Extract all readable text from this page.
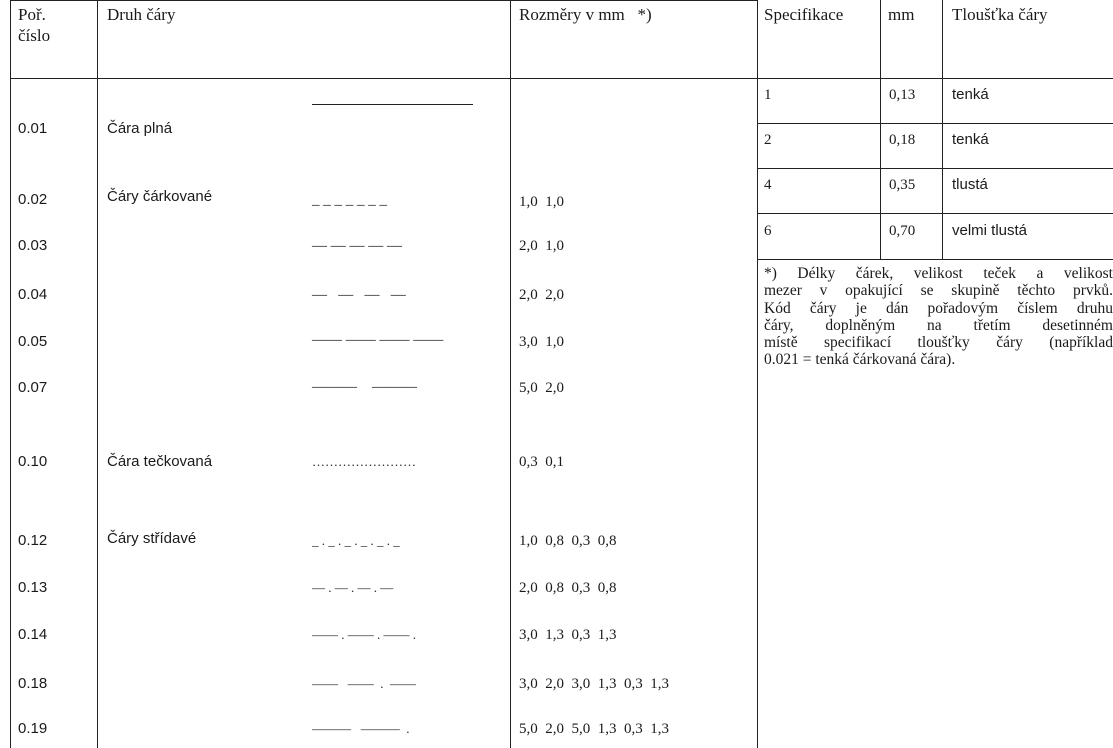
Poř.
číslo
Druh čáry	Rozměry v mm   *)
0.01	Čára plná
0.02	Čáry čárkované	_ _ _ _ _ _ _	1,0  1,0
0.03	— — — — —	2,0  1,0
0.04	—   —   —   —	2,0  2,0
0.05	—— —— —— ——	3,0  1,0
0.07	———    ———	5,0  2,0
0.10	Čára tečkovaná	……………………	0,3  0,1
0.12	Čáry střídavé	_ . _ . _ . _ . _ . _	1,0  0,8  0,3  0,8
0.13	— . — . — . —	2,0  0,8  0,3  0,8
0.14	—— . —— . —— .	3,0  1,3  0,3  1,3
0.18	——   ——  .  ——	3,0  2,0  3,0  1,3  0,3  1,3
0.19	———   ———  .	5,0  2,0  5,0  1,3  0,3  1,3
Specifikace	mm Tloušťka čáry
1	0,13 tenká
2	0,18 tenká
4	0,35 tlustá
6	0,70 velmi tlustá
*) Délky čárek, velikost teček a velikost
mezer v opakující se skupině těchto prvků.
Kód čáry je dán pořadovým číslem druhu
čáry, doplněným na třetím desetinném
místě specifikací tloušťky čáry (například
0.021 = tenká čárkovaná čára).
